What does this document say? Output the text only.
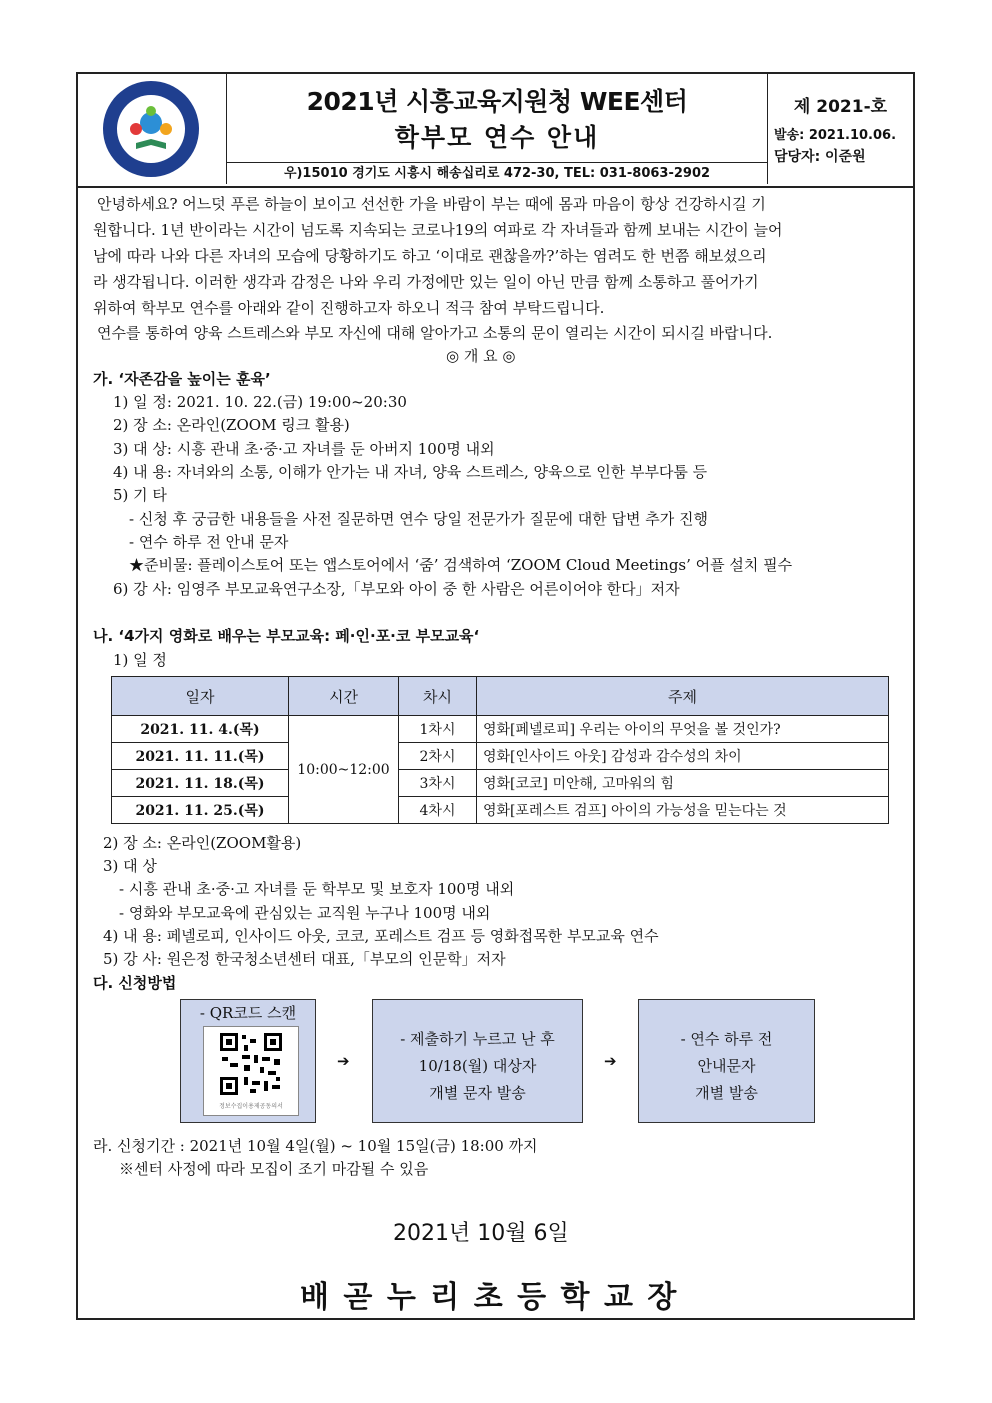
2021년 시흥교육지원청 WEE센터
학부모 연수 안내
우)15010 경기도 시흥시 해송십리로 472-30, TEL: 031-8063-2902
제 2021-호
발송: 2021.10.06.
담당자: 이준원
안녕하세요? 어느덧 푸른 하늘이 보이고 선선한 가을 바람이 부는 때에 몸과 마음이 항상 건강하시길 기
원합니다. 1년 반이라는 시간이 넘도록 지속되는 코로나19의 여파로 각 자녀들과 함께 보내는 시간이 늘어
남에 따라 나와 다른 자녀의 모습에 당황하기도 하고 ‘이대로 괜찮을까?’하는 염려도 한 번쯤 해보셨으리
라 생각됩니다. 이러한 생각과 감정은 나와 우리 가정에만 있는 일이 아닌 만큼 함께 소통하고 풀어가기
위하여 학부모 연수를 아래와 같이 진행하고자 하오니 적극 참여 부탁드립니다.
연수를 통하여 양육 스트레스와 부모 자신에 대해 알아가고 소통의 문이 열리는 시간이 되시길 바랍니다.
◎ 개 요 ◎
가. ‘자존감을 높이는 훈육’
1) 일 정: 2021. 10. 22.(금) 19:00~20:30
2) 장 소: 온라인(ZOOM 링크 활용)
3) 대 상: 시흥 관내 초·중·고 자녀를 둔 아버지 100명 내외
4) 내 용: 자녀와의 소통, 이해가 안가는 내 자녀, 양육 스트레스, 양육으로 인한 부부다툼 등
5) 기 타
- 신청 후 궁금한 내용들을 사전 질문하면 연수 당일 전문가가 질문에 대한 답변 추가 진행
- 연수 하루 전 안내 문자
★준비물: 플레이스토어 또는 앱스토어에서 ‘줌’ 검색하여 ‘ZOOM Cloud Meetings’ 어플 설치 필수
6) 강 사: 임영주 부모교육연구소장,「부모와 아이 중 한 사람은 어른이어야 한다」저자
나. ‘4가지 영화로 배우는 부모교육: 페·인·포·코 부모교육‘
1) 일 정
일자	시간	차시	주제
2021. 11. 4.(목)	10:00~12:00	1차시	영화[페넬로피] 우리는 아이의 무엇을 볼 것인가?
2021. 11. 11.(목)		2차시	영화[인사이드 아웃] 감성과 감수성의 차이
2021. 11. 18.(목)		3차시	영화[코코] 미안해, 고마워의 힘
2021. 11. 25.(목)		4차시	영화[포레스트 검프] 아이의 가능성을 믿는다는 것
2) 장 소: 온라인(ZOOM활용)
3) 대 상
- 시흥 관내 초·중·고 자녀를 둔 학부모 및 보호자 100명 내외
- 영화와 부모교육에 관심있는 교직원 누구나 100명 내외
4) 내 용: 페넬로피, 인사이드 아웃, 코코, 포레스트 검프 등 영화접목한 부모교육 연수
5) 강 사: 원은정 한국청소년센터 대표,「부모의 인문학」저자
다. 신청방법
- QR코드 스캔
정보수집이용제공동의서
➔
- 제출하기 누르고 난 후
10/18(월) 대상자
개별 문자 발송
➔
- 연수 하루 전
안내문자
개별 발송
라. 신청기간 : 2021년 10월 4일(월) ~ 10월 15일(금) 18:00 까지
※센터 사정에 따라 모집이 조기 마감될 수 있음
2021년 10월 6일
배 곧 누 리 초 등 학 교 장
